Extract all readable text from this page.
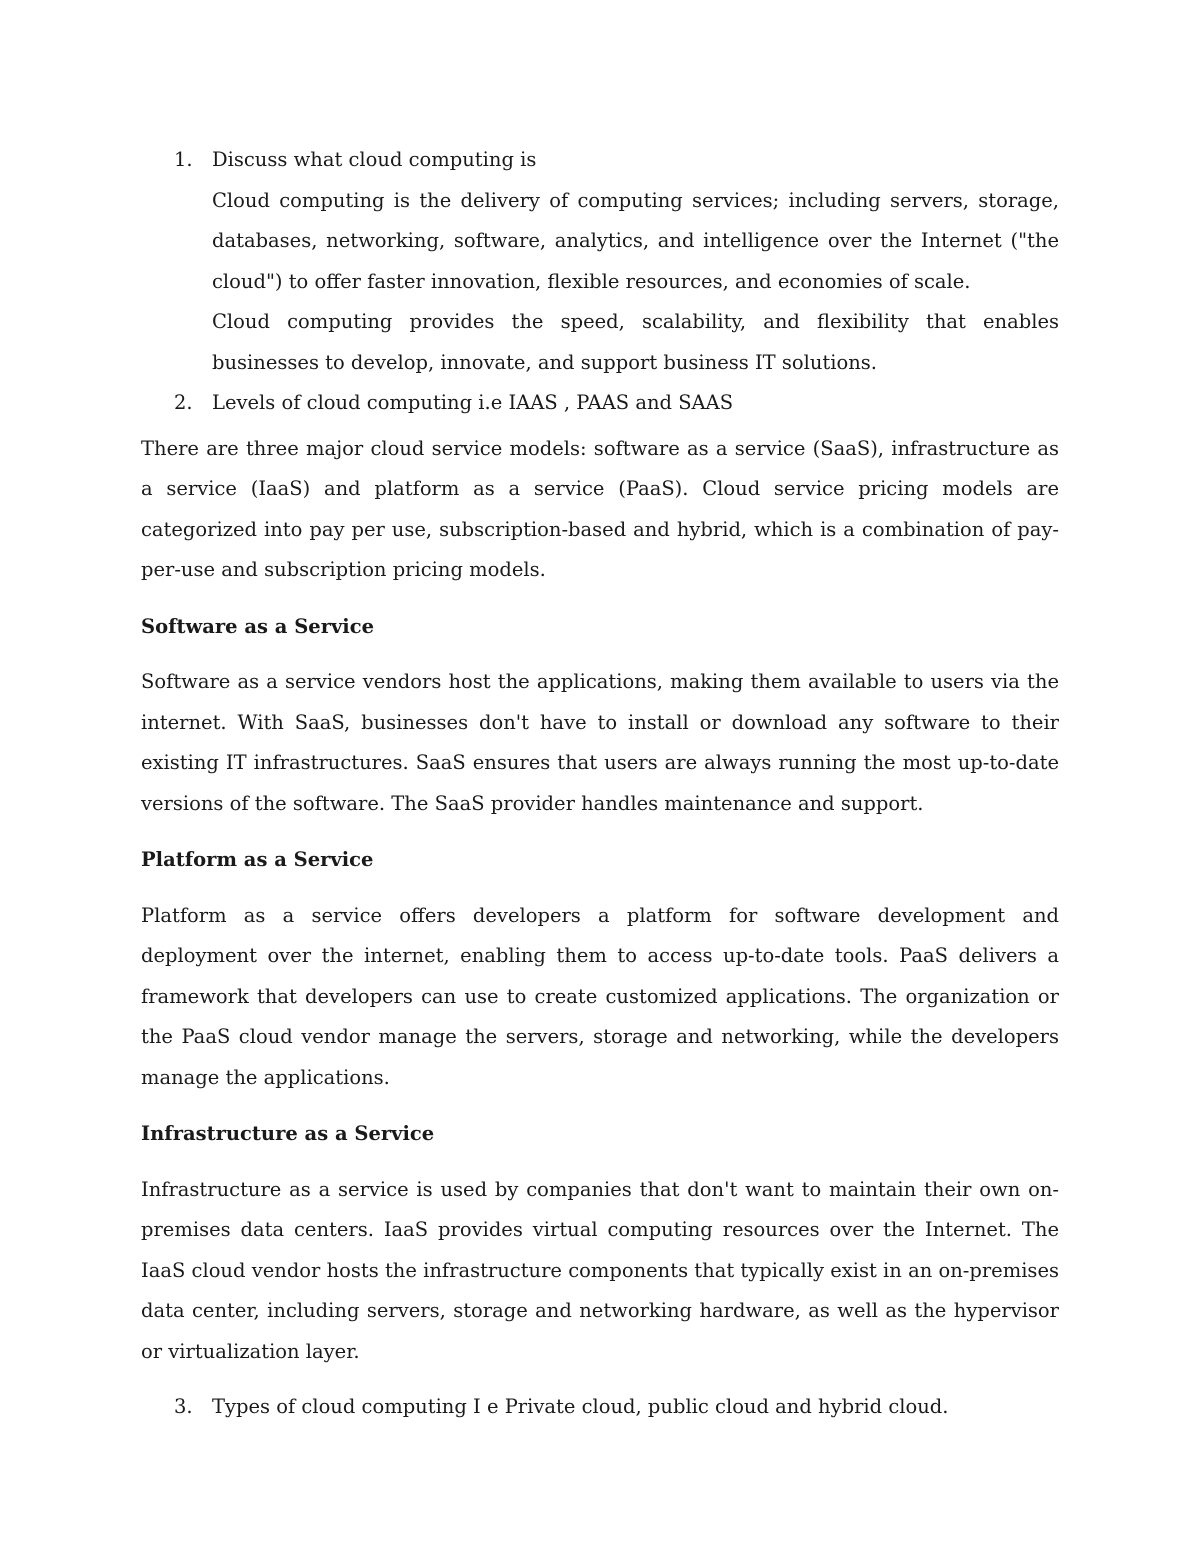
1. Discuss what cloud computing is

Cloud computing is the delivery of computing services; including servers, storage, databases, networking, software, analytics, and intelligence over the Internet ("the cloud") to offer faster innovation, flexible resources, and economies of scale.

Cloud computing provides the speed, scalability, and flexibility that enables businesses to develop, innovate, and support business IT solutions.

2. Levels of cloud computing i.e IAAS , PAAS and SAAS

There are three major cloud service models: software as a service (SaaS), infrastructure as a service (IaaS) and platform as a service (PaaS). Cloud service pricing models are categorized into pay per use, subscription-based and hybrid, which is a combination of pay-per-use and subscription pricing models.

Software as a Service

Software as a service vendors host the applications, making them available to users via the internet. With SaaS, businesses don't have to install or download any software to their existing IT infrastructures. SaaS ensures that users are always running the most up-to-date versions of the software. The SaaS provider handles maintenance and support.

Platform as a Service

Platform as a service offers developers a platform for software development and deployment over the internet, enabling them to access up-to-date tools. PaaS delivers a framework that developers can use to create customized applications. The organization or the PaaS cloud vendor manage the servers, storage and networking, while the developers manage the applications.

Infrastructure as a Service

Infrastructure as a service is used by companies that don't want to maintain their own on-premises data centers. IaaS provides virtual computing resources over the Internet. The IaaS cloud vendor hosts the infrastructure components that typically exist in an on-premises data center, including servers, storage and networking hardware, as well as the hypervisor or virtualization layer.

3. Types of cloud computing I e Private cloud, public cloud and hybrid cloud.
